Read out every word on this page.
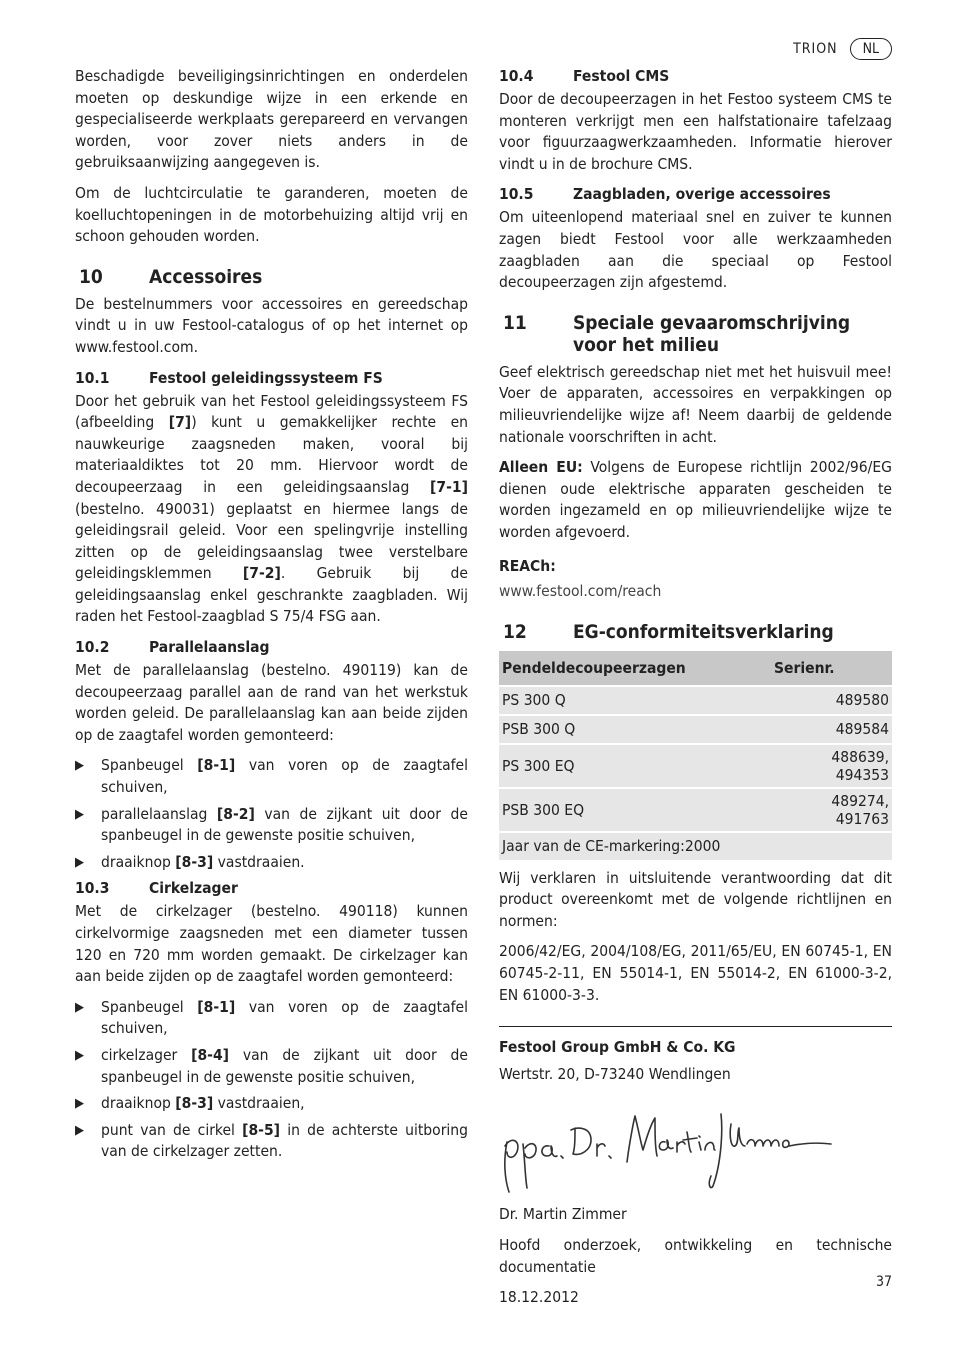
TRION	NL

Beschadigde beveiligingsinrichtingen en onderdelen moeten op deskundige wijze in een erkende en gespecialiseerde werkplaats gerepareerd en vervangen worden, voor zover niets anders in de gebruiksaanwijzing aangegeven is.

Om de luchtcirculatie te garanderen, moeten de koelluchtopeningen in de motorbehuizing altijd vrij en schoon gehouden worden.

10	Accessoires

De bestelnummers voor accessoires en gereedschap vindt u in uw Festool-catalogus of op het internet op www.festool.com.

10.1	Festool geleidingssysteem FS

Door het gebruik van het Festool geleidingssysteem FS (afbeelding [7]) kunt u gemakkelijker rechte en nauwkeurige zaagsneden maken, vooral bij materiaaldiktes tot 20 mm. Hiervoor wordt de decoupeerzaag in een geleidingsaanslag [7-1] (bestelno. 490031) geplaatst en hiermee langs de geleidingsrail geleid. Voor een spelingvrije instelling zitten op de geleidingsaanslag twee verstelbare geleidingsklemmen [7-2]. Gebruik bij de geleidingsaanslag enkel geschrankte zaagbladen. Wij raden het Festool-zaagblad S 75/4 FSG aan.

10.2	Parallelaanslag

Met de parallelaanslag (bestelno. 490119) kan de decoupeerzaag parallel aan de rand van het werkstuk worden geleid. De parallelaanslag kan aan beide zijden op de zaagtafel worden gemonteerd:

▶	Spanbeugel [8-1] van voren op de zaagtafel schuiven,

▶	parallelaanslag [8-2] van de zijkant uit door de spanbeugel in de gewenste positie schuiven,

▶	draaiknop [8-3] vastdraaien.

10.3	Cirkelzager

Met de cirkelzager (bestelno. 490118) kunnen cirkelvormige zaagsneden met een diameter tussen 120 en 720 mm worden gemaakt. De cirkelzager kan aan beide zijden op de zaagtafel worden gemonteerd:

▶	Spanbeugel [8-1] van voren op de zaagtafel schuiven,

▶	cirkelzager [8-4] van de zijkant uit door de spanbeugel in de gewenste positie schuiven,

▶	draaiknop [8-3] vastdraaien,

▶	punt van de cirkel [8-5] in de achterste uitboring van de cirkelzager zetten.

10.4	Festool CMS

Door de decoupeerzagen in het Festoo systeem CMS te monteren verkrijgt men een halfstationaire tafelzaag voor figuurzaagwerkzaamheden. Informatie hierover vindt u in de brochure CMS.

10.5	Zaagbladen, overige accessoires

Om uiteenlopend materiaal snel en zuiver te kunnen zagen biedt Festool voor alle werkzaamheden zaagbladen aan die speciaal op Festool decoupeerzagen zijn afgestemd.

11	Speciale gevaaromschrijving voor het milieu

Geef elektrisch gereedschap niet met het huisvuil mee! Voer de apparaten, accessoires en verpakkingen op milieuvriendelijke wijze af! Neem daarbij de geldende nationale voorschriften in acht.

Alleen EU: Volgens de Europese richtlijn 2002/96/EG dienen oude elektrische apparaten gescheiden te worden ingezameld en op milieuvriendelijke wijze te worden afgevoerd.

REACh:

www.festool.com/reach

12	EG-conformiteitsverklaring
Pendeldecoupeerzagen	Serienr.
PS 300 Q	489580
PSB 300 Q	489584
PS 300 EQ	488639, 494353
PSB 300 EQ	489274, 491763
Jaar van de CE-markering:2000	

Wij verklaren in uitsluitende verantwoording dat dit product overeenkomt met de volgende richtlijnen en normen:

2006/42/EG, 2004/108/EG, 2011/65/EU, EN 60745-1, EN 60745-2-11, EN 55014-1, EN 55014-2, EN 61000-3-2, EN 61000-3-3.

Festool Group GmbH & Co. KG

Wertstr. 20, D-73240 Wendlingen

Dr. Martin Zimmer

Hoofd onderzoek, ontwikkeling en technische documentatie

18.12.2012

37
